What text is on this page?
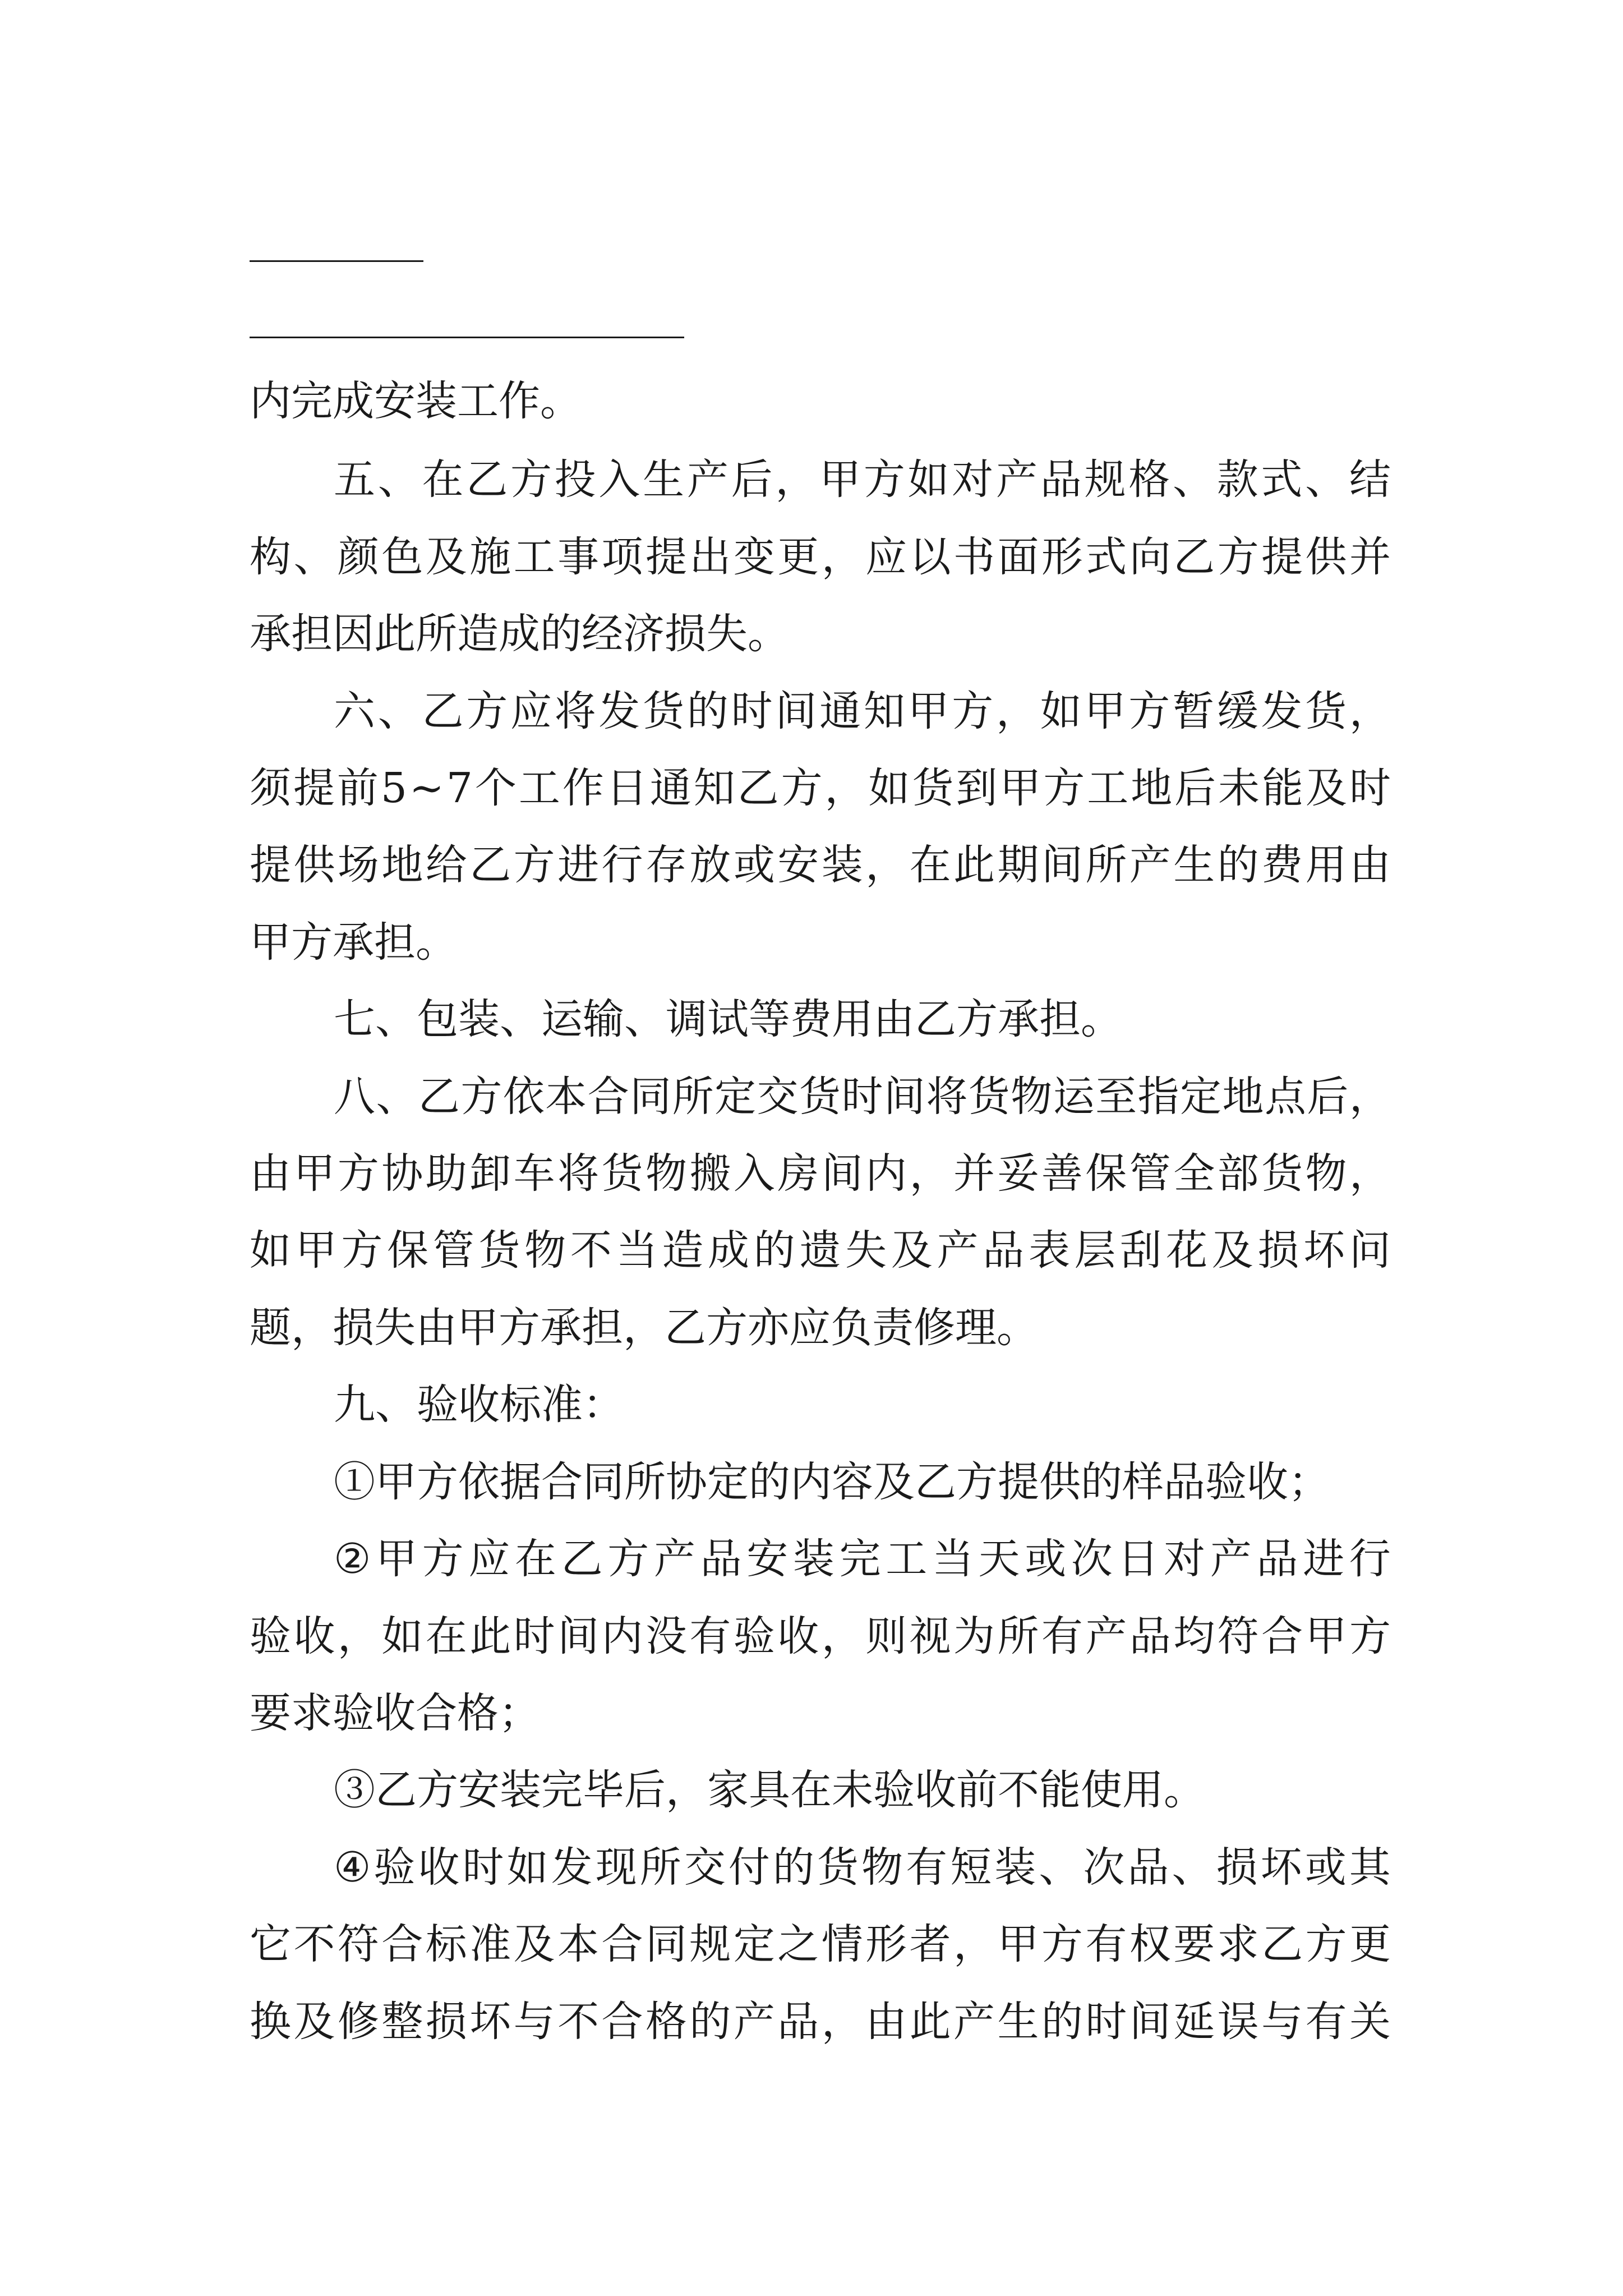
内完成安装工作。
五 、 在 乙 方 投 入 生 产 后 ， 甲 方 如 对 产 品 规 格 、 款 式 、 结
构 、 颜 色 及 施 工 事 项 提 出 变 更 ， 应 以 书 面 形 式 向 乙 方 提 供 并
承担因此所造成的经济损失。
六 、 乙 方 应 将 发 货 的 时 间 通 知 甲 方 ， 如 甲 方 暂 缓 发 货 ，
须 提 前 5 ~ 7 个 工 作 日 通 知 乙 方 ， 如 货 到 甲 方 工 地 后 未 能 及 时
提 供 场 地 给 乙 方 进 行 存 放 或 安 装 ， 在 此 期 间 所 产 生 的 费 用 由
甲方承担。
七、包装、运输、调试等费用由乙方承担。
八 、 乙 方 依 本 合 同 所 定 交 货 时 间 将 货 物 运 至 指 定 地 点 后 ，
由 甲 方 协 助 卸 车 将 货 物 搬 入 房 间 内 ， 并 妥 善 保 管 全 部 货 物 ，
如 甲 方 保 管 货 物 不 当 造 成 的 遗 失 及 产 品 表 层 刮 花 及 损 坏 问
题，损失由甲方承担，乙方亦应负责修理。
九、验收标准：
①甲方依据合同所协定的内容及乙方提供的样品验收；
② 甲 方 应 在 乙 方 产 品 安 装 完 工 当 天 或 次 日 对 产 品 进 行
验 收 ， 如 在 此 时 间 内 没 有 验 收 ， 则 视 为 所 有 产 品 均 符 合 甲 方
要求验收合格；
③乙方安装完毕后，家具在未验收前不能使用。
④ 验 收 时 如 发 现 所 交 付 的 货 物 有 短 装 、 次 品 、 损 坏 或 其
它 不 符 合 标 准 及 本 合 同 规 定 之 情 形 者 ， 甲 方 有 权 要 求 乙 方 更
换 及 修 整 损 坏 与 不 合 格 的 产 品 ， 由 此 产 生 的 时 间 延 误 与 有 关
